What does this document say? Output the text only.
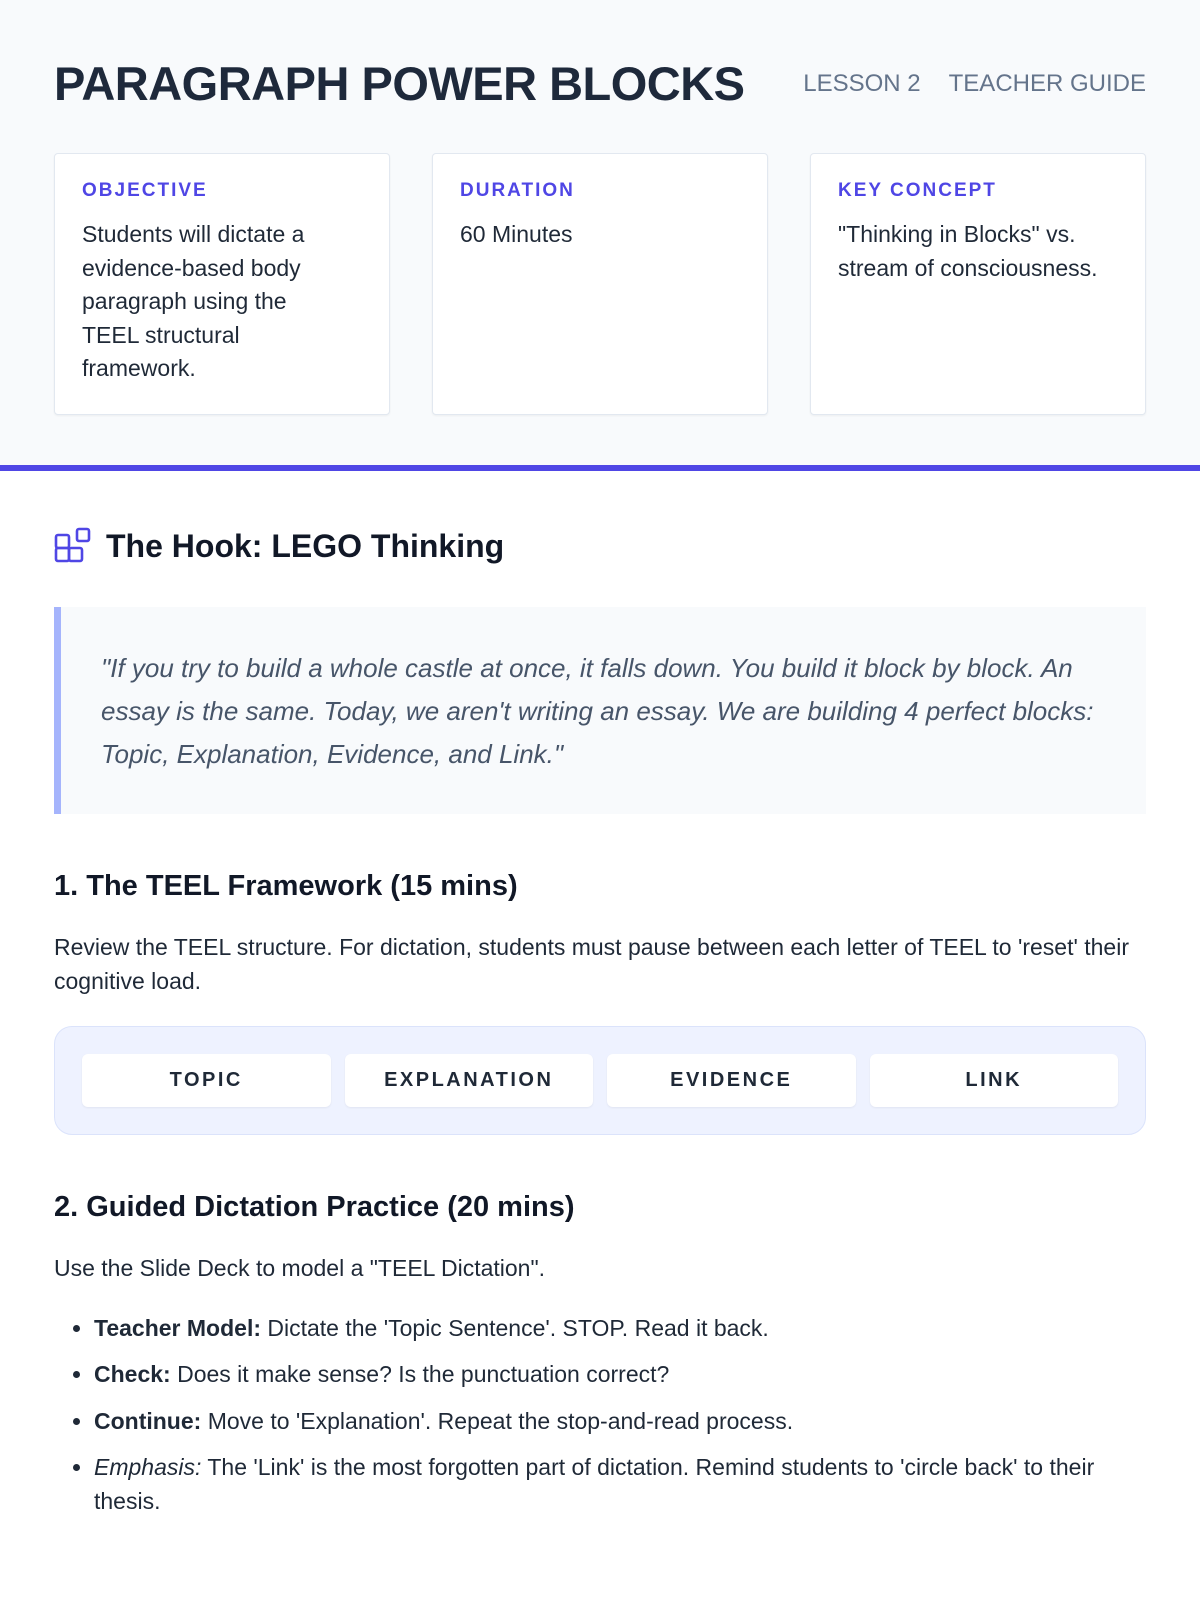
PARAGRAPH POWER BLOCKS LESSON 2 TEACHER GUIDE
OBJECTIVE
Students will dictate a evidence-based body paragraph using the TEEL structural framework.
DURATION
60 Minutes
KEY CONCEPT
"Thinking in Blocks" vs. stream of consciousness.
The Hook: LEGO Thinking
"If you try to build a whole castle at once, it falls down. You build it block by block. An essay is the same. Today, we aren't writing an essay. We are building 4 perfect blocks: Topic, Explanation, Evidence, and Link."
1. The TEEL Framework (15 mins)
Review the TEEL structure. For dictation, students must pause between each letter of TEEL to 'reset' their cognitive load.
TOPIC	EXPLANATION	EVIDENCE	LINK
2. Guided Dictation Practice (20 mins)
Use the Slide Deck to model a "TEEL Dictation".
• Teacher Model: Dictate the 'Topic Sentence'. STOP. Read it back.
• Check: Does it make sense? Is the punctuation correct?
• Continue: Move to 'Explanation'. Repeat the stop-and-read process.
• Emphasis: The 'Link' is the most forgotten part of dictation. Remind students to 'circle back' to their thesis.
